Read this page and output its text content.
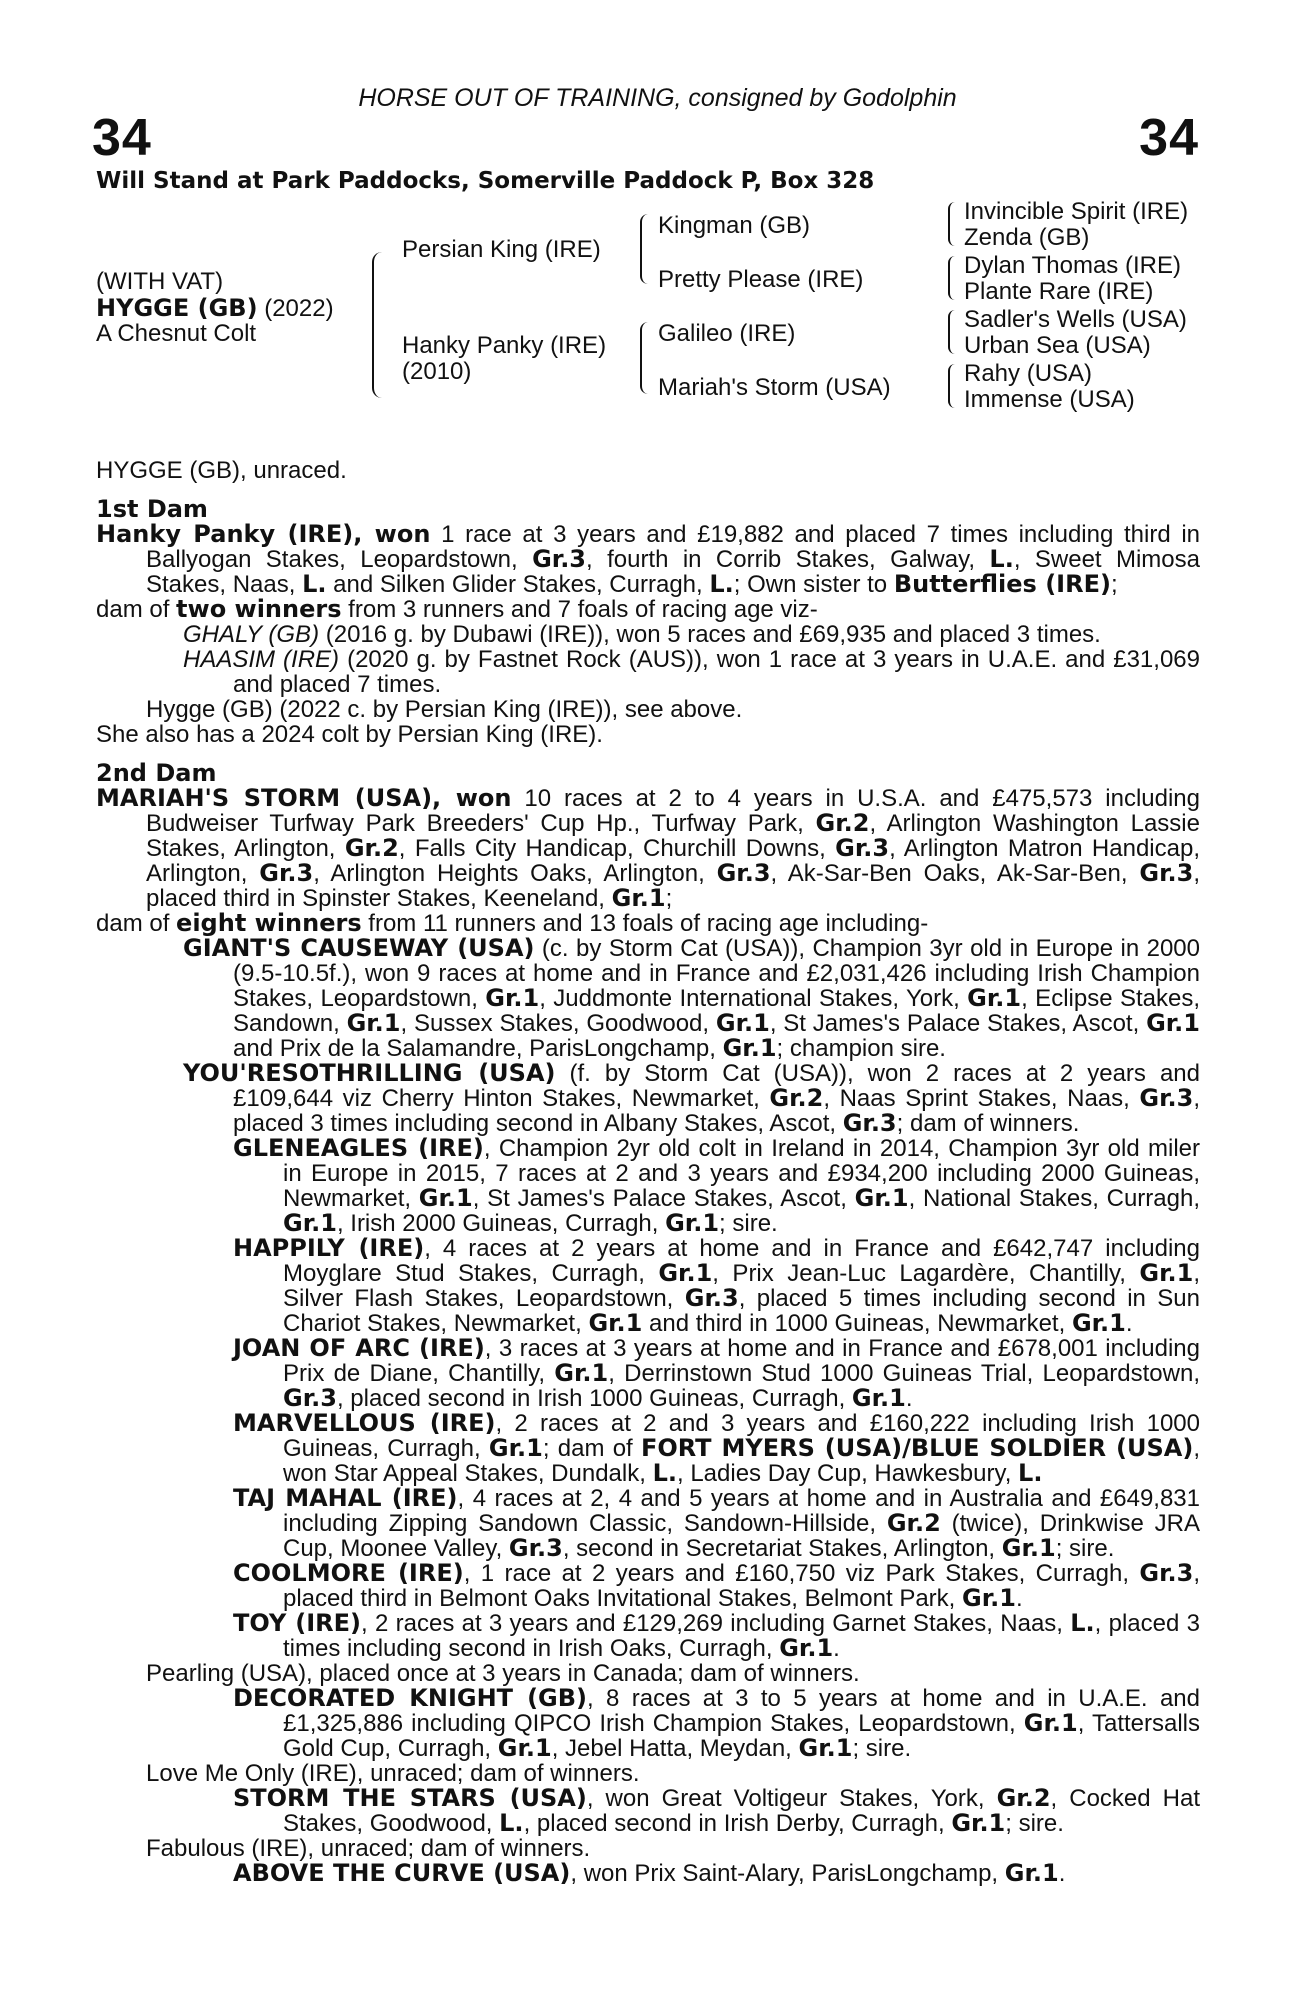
HORSE OUT OF TRAINING, consigned by Godolphin
34	34
Will Stand at Park Paddocks, Somerville Paddock P, Box 328
(WITH VAT)
HYGGE (GB) (2022)
A Chesnut Colt
Persian King (IRE)
Hanky Panky (IRE)
(2010)
Kingman (GB)
Pretty Please (IRE)
Galileo (IRE)
Mariah's Storm (USA)
Invincible Spirit (IRE)
Zenda (GB)
Dylan Thomas (IRE)
Plante Rare (IRE)
Sadler's Wells (USA)
Urban Sea (USA)
Rahy (USA)
Immense (USA)

HYGGE (GB), unraced.

1st Dam

Hanky Panky (IRE), won 1 race at 3 years and £19,882 and placed 7 times including third in Ballyogan Stakes, Leopardstown, Gr.3, fourth in Corrib Stakes, Galway, L., Sweet Mimosa Stakes, Naas, L. and Silken Glider Stakes, Curragh, L.; Own sister to Butterflies (IRE);

dam of two winners from 3 runners and 7 foals of racing age viz-

GHALY (GB) (2016 g. by Dubawi (IRE)), won 5 races and £69,935 and placed 3 times.

HAASIM (IRE) (2020 g. by Fastnet Rock (AUS)), won 1 race at 3 years in U.A.E. and £31,069 and placed 7 times.

Hygge (GB) (2022 c. by Persian King (IRE)), see above.

She also has a 2024 colt by Persian King (IRE).

2nd Dam

MARIAH'S STORM (USA), won 10 races at 2 to 4 years in U.S.A. and £475,573 including Budweiser Turfway Park Breeders' Cup Hp., Turfway Park, Gr.2, Arlington Washington Lassie Stakes, Arlington, Gr.2, Falls City Handicap, Churchill Downs, Gr.3, Arlington Matron Handicap, Arlington, Gr.3, Arlington Heights Oaks, Arlington, Gr.3, Ak-Sar-Ben Oaks, Ak-Sar-Ben, Gr.3, placed third in Spinster Stakes, Keeneland, Gr.1;

dam of eight winners from 11 runners and 13 foals of racing age including-

GIANT'S CAUSEWAY (USA) (c. by Storm Cat (USA)), Champion 3yr old in Europe in 2000 (9.5-10.5f.), won 9 races at home and in France and £2,031,426 including Irish Champion Stakes, Leopardstown, Gr.1, Juddmonte International Stakes, York, Gr.1, Eclipse Stakes, Sandown, Gr.1, Sussex Stakes, Goodwood, Gr.1, St James's Palace Stakes, Ascot, Gr.1 and Prix de la Salamandre, ParisLongchamp, Gr.1; champion sire.

YOU'RESOTHRILLING (USA) (f. by Storm Cat (USA)), won 2 races at 2 years and £109,644 viz Cherry Hinton Stakes, Newmarket, Gr.2, Naas Sprint Stakes, Naas, Gr.3, placed 3 times including second in Albany Stakes, Ascot, Gr.3; dam of winners.

GLENEAGLES (IRE), Champion 2yr old colt in Ireland in 2014, Champion 3yr old miler in Europe in 2015, 7 races at 2 and 3 years and £934,200 including 2000 Guineas, Newmarket, Gr.1, St James's Palace Stakes, Ascot, Gr.1, National Stakes, Curragh, Gr.1, Irish 2000 Guineas, Curragh, Gr.1; sire.

HAPPILY (IRE), 4 races at 2 years at home and in France and £642,747 including Moyglare Stud Stakes, Curragh, Gr.1, Prix Jean-Luc Lagardère, Chantilly, Gr.1, Silver Flash Stakes, Leopardstown, Gr.3, placed 5 times including second in Sun Chariot Stakes, Newmarket, Gr.1 and third in 1000 Guineas, Newmarket, Gr.1.

JOAN OF ARC (IRE), 3 races at 3 years at home and in France and £678,001 including Prix de Diane, Chantilly, Gr.1, Derrinstown Stud 1000 Guineas Trial, Leopardstown, Gr.3, placed second in Irish 1000 Guineas, Curragh, Gr.1.

MARVELLOUS (IRE), 2 races at 2 and 3 years and £160,222 including Irish 1000 Guineas, Curragh, Gr.1; dam of FORT MYERS (USA)/BLUE SOLDIER (USA), won Star Appeal Stakes, Dundalk, L., Ladies Day Cup, Hawkesbury, L.

TAJ MAHAL (IRE), 4 races at 2, 4 and 5 years at home and in Australia and £649,831 including Zipping Sandown Classic, Sandown-Hillside, Gr.2 (twice), Drinkwise JRA Cup, Moonee Valley, Gr.3, second in Secretariat Stakes, Arlington, Gr.1; sire.

COOLMORE (IRE), 1 race at 2 years and £160,750 viz Park Stakes, Curragh, Gr.3, placed third in Belmont Oaks Invitational Stakes, Belmont Park, Gr.1.

TOY (IRE), 2 races at 3 years and £129,269 including Garnet Stakes, Naas, L., placed 3 times including second in Irish Oaks, Curragh, Gr.1.

Pearling (USA), placed once at 3 years in Canada; dam of winners.

DECORATED KNIGHT (GB), 8 races at 3 to 5 years at home and in U.A.E. and £1,325,886 including QIPCO Irish Champion Stakes, Leopardstown, Gr.1, Tattersalls Gold Cup, Curragh, Gr.1, Jebel Hatta, Meydan, Gr.1; sire.

Love Me Only (IRE), unraced; dam of winners.

STORM THE STARS (USA), won Great Voltigeur Stakes, York, Gr.2, Cocked Hat Stakes, Goodwood, L., placed second in Irish Derby, Curragh, Gr.1; sire.

Fabulous (IRE), unraced; dam of winners.

ABOVE THE CURVE (USA), won Prix Saint-Alary, ParisLongchamp, Gr.1.
